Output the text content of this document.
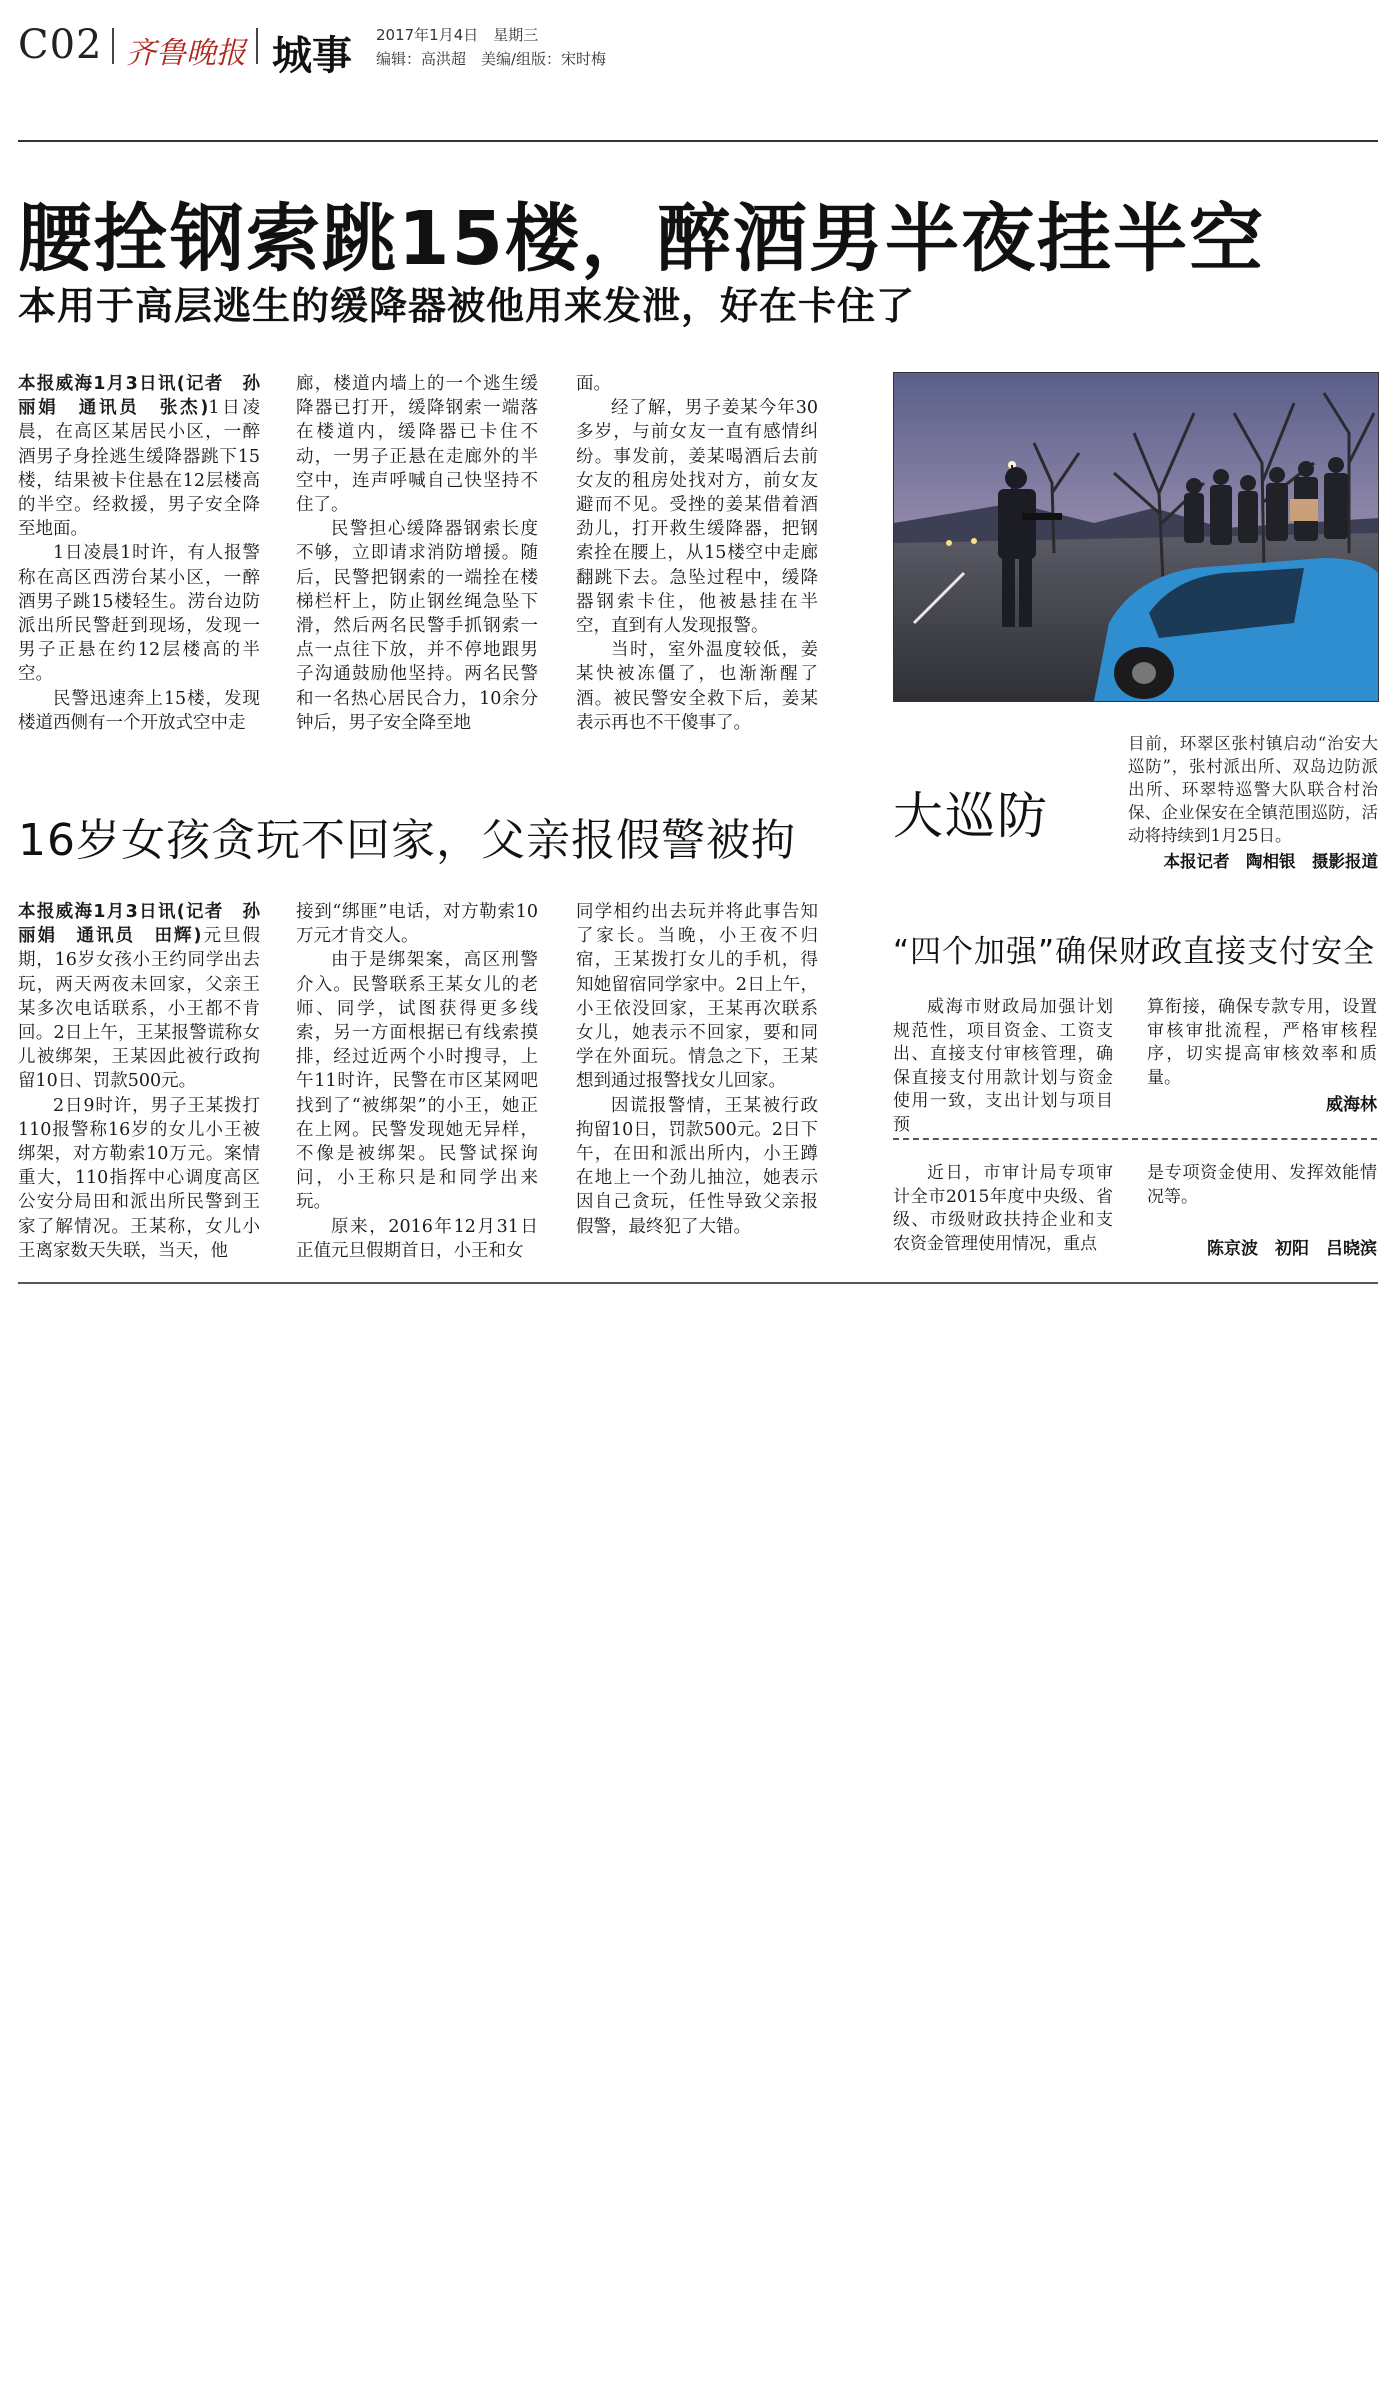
C02 齐鲁晚报 城事 2017年1月4日　星期三
编辑：高洪超　美编/组版：宋时梅
腰拴钢索跳15楼，醉酒男半夜挂半空
本用于高层逃生的缓降器被他用来发泄，好在卡住了

本报威海1月3日讯(记者　孙丽娟　通讯员　张杰)1日凌晨，在高区某居民小区，一醉酒男子身拴逃生缓降器跳下15楼，结果被卡住悬在12层楼高的半空。经救援，男子安全降至地面。

1日凌晨1时许，有人报警称在高区西涝台某小区，一醉酒男子跳15楼轻生。涝台边防派出所民警赶到现场，发现一男子正悬在约12层楼高的半空。

民警迅速奔上15楼，发现楼道西侧有一个开放式空中走

廊，楼道内墙上的一个逃生缓降器已打开，缓降钢索一端落在楼道内，缓降器已卡住不动，一男子正悬在走廊外的半空中，连声呼喊自己快坚持不住了。

民警担心缓降器钢索长度不够，立即请求消防增援。随后，民警把钢索的一端拴在楼梯栏杆上，防止钢丝绳急坠下滑，然后两名民警手抓钢索一点一点往下放，并不停地跟男子沟通鼓励他坚持。两名民警和一名热心居民合力，10余分钟后，男子安全降至地

面。

经了解，男子姜某今年30多岁，与前女友一直有感情纠纷。事发前，姜某喝酒后去前女友的租房处找对方，前女友避而不见。受挫的姜某借着酒劲儿，打开救生缓降器，把钢索拴在腰上，从15楼空中走廊翻跳下去。急坠过程中，缓降器钢索卡住，他被悬挂在半空，直到有人发现报警。

当时，室外温度较低，姜某快被冻僵了，也渐渐醒了酒。被民警安全救下后，姜某表示再也不干傻事了。

目前，环翠区张村镇启动“治安大巡防”，张村派出所、双岛边防派出所、环翠特巡警大队联合村治保、企业保安在全镇范围巡防，活动将持续到1月25日。
大巡防
本报记者　陶相银　摄影报道
16岁女孩贪玩不回家，父亲报假警被拘

本报威海1月3日讯(记者　孙丽娟　通讯员　田辉)元旦假期，16岁女孩小王约同学出去玩，两天两夜未回家，父亲王某多次电话联系，小王都不肯回。2日上午，王某报警谎称女儿被绑架，王某因此被行政拘留10日、罚款500元。

2日9时许，男子王某拨打110报警称16岁的女儿小王被绑架，对方勒索10万元。案情重大，110指挥中心调度高区公安分局田和派出所民警到王家了解情况。王某称，女儿小王离家数天失联，当天，他

接到“绑匪”电话，对方勒索10万元才肯交人。

由于是绑架案，高区刑警介入。民警联系王某女儿的老师、同学，试图获得更多线索，另一方面根据已有线索摸排，经过近两个小时搜寻，上午11时许，民警在市区某网吧找到了“被绑架”的小王，她正在上网。民警发现她无异样，不像是被绑架。民警试探询问，小王称只是和同学出来玩。

原来，2016年12月31日正值元旦假期首日，小王和女

同学相约出去玩并将此事告知了家长。当晚，小王夜不归宿，王某拨打女儿的手机，得知她留宿同学家中。2日上午，小王依没回家，王某再次联系女儿，她表示不回家，要和同学在外面玩。情急之下，王某想到通过报警找女儿回家。

因谎报警情，王某被行政拘留10日，罚款500元。2日下午，在田和派出所内，小王蹲在地上一个劲儿抽泣，她表示因自己贪玩，任性导致父亲报假警，最终犯了大错。

“四个加强”确保财政直接支付安全

威海市财政局加强计划规范性，项目资金、工资支出、直接支付审核管理，确保直接支付用款计划与资金使用一致，支出计划与项目预

算衔接，确保专款专用，设置审核审批流程，严格审核程序，切实提高审核效率和质量。

威海林

近日，市审计局专项审计全市2015年度中央级、省级、市级财政扶持企业和支农资金管理使用情况，重点

是专项资金使用、发挥效能情况等。

陈京波　初阳　吕晓滨
